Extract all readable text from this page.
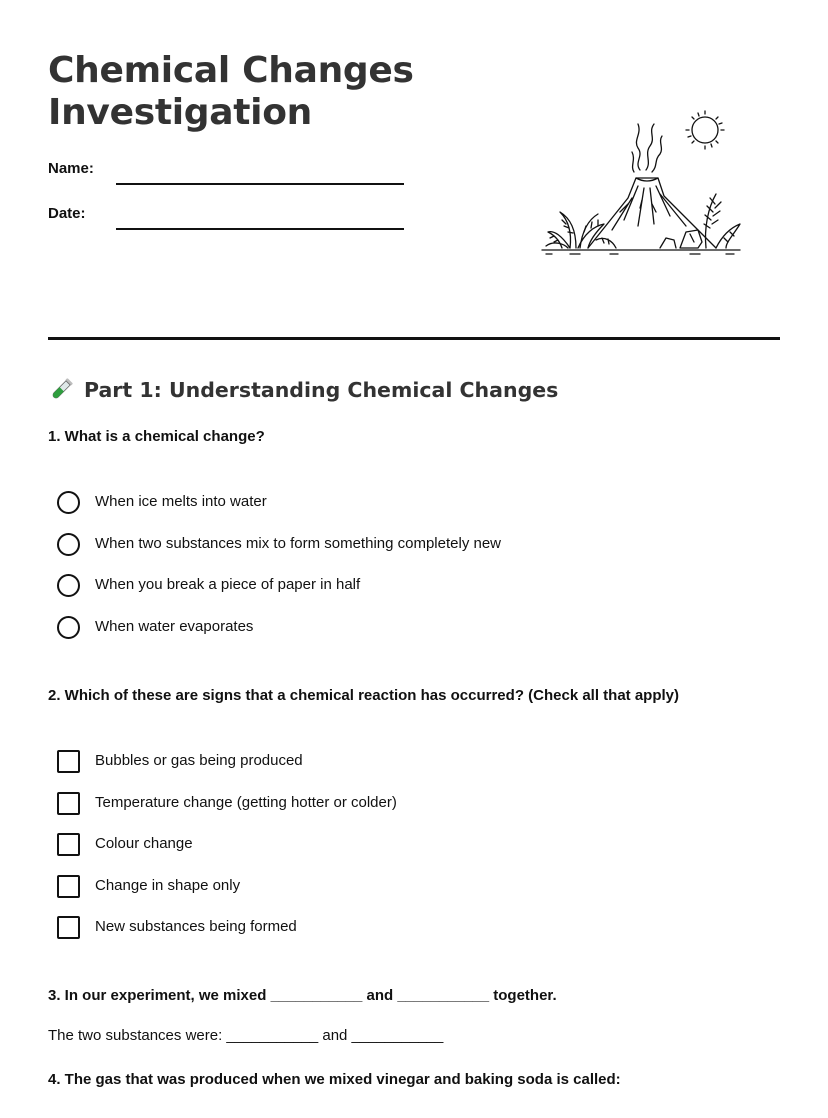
Chemical Changes
Investigation
Name:
Date:
Part 1: Understanding Chemical Changes
1. What is a chemical change?
When ice melts into water
When two substances mix to form something completely new
When you break a piece of paper in half
When water evaporates
2. Which of these are signs that a chemical reaction has occurred? (Check all that apply)
Bubbles or gas being produced
Temperature change (getting hotter or colder)
Colour change
Change in shape only
New substances being formed
3. In our experiment, we mixed ___________ and ___________ together.
The two substances were: ___________ and ___________
4. The gas that was produced when we mixed vinegar and baking soda is called:
